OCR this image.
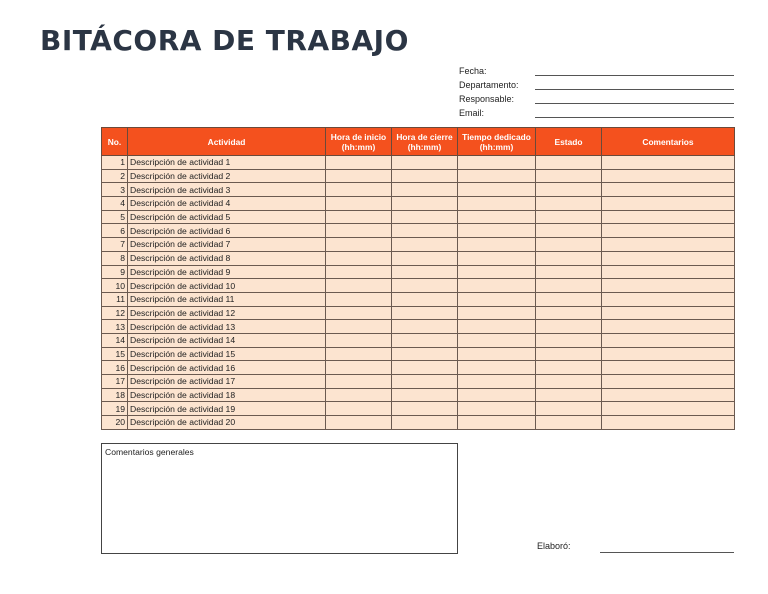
BITÁCORA DE TRABAJO
Fecha:
Departamento:
Responsable:
Email:
No.	Actividad	Hora de inicio (hh:mm)	Hora de cierre (hh:mm)	Tiempo dedicado (hh:mm)	Estado	Comentarios
1	Descripción de actividad 1					
2	Descripción de actividad 2					
3	Descripción de actividad 3					
4	Descripción de actividad 4					
5	Descripción de actividad 5					
6	Descripción de actividad 6					
7	Descripción de actividad 7					
8	Descripción de actividad 8					
9	Descripción de actividad 9					
10	Descripción de actividad 10					
11	Descripción de actividad 11					
12	Descripción de actividad 12					
13	Descripción de actividad 13					
14	Descripción de actividad 14					
15	Descripción de actividad 15					
16	Descripción de actividad 16					
17	Descripción de actividad 17					
18	Descripción de actividad 18					
19	Descripción de actividad 19					
20	Descripción de actividad 20					
Comentarios generales
Elaboró:
